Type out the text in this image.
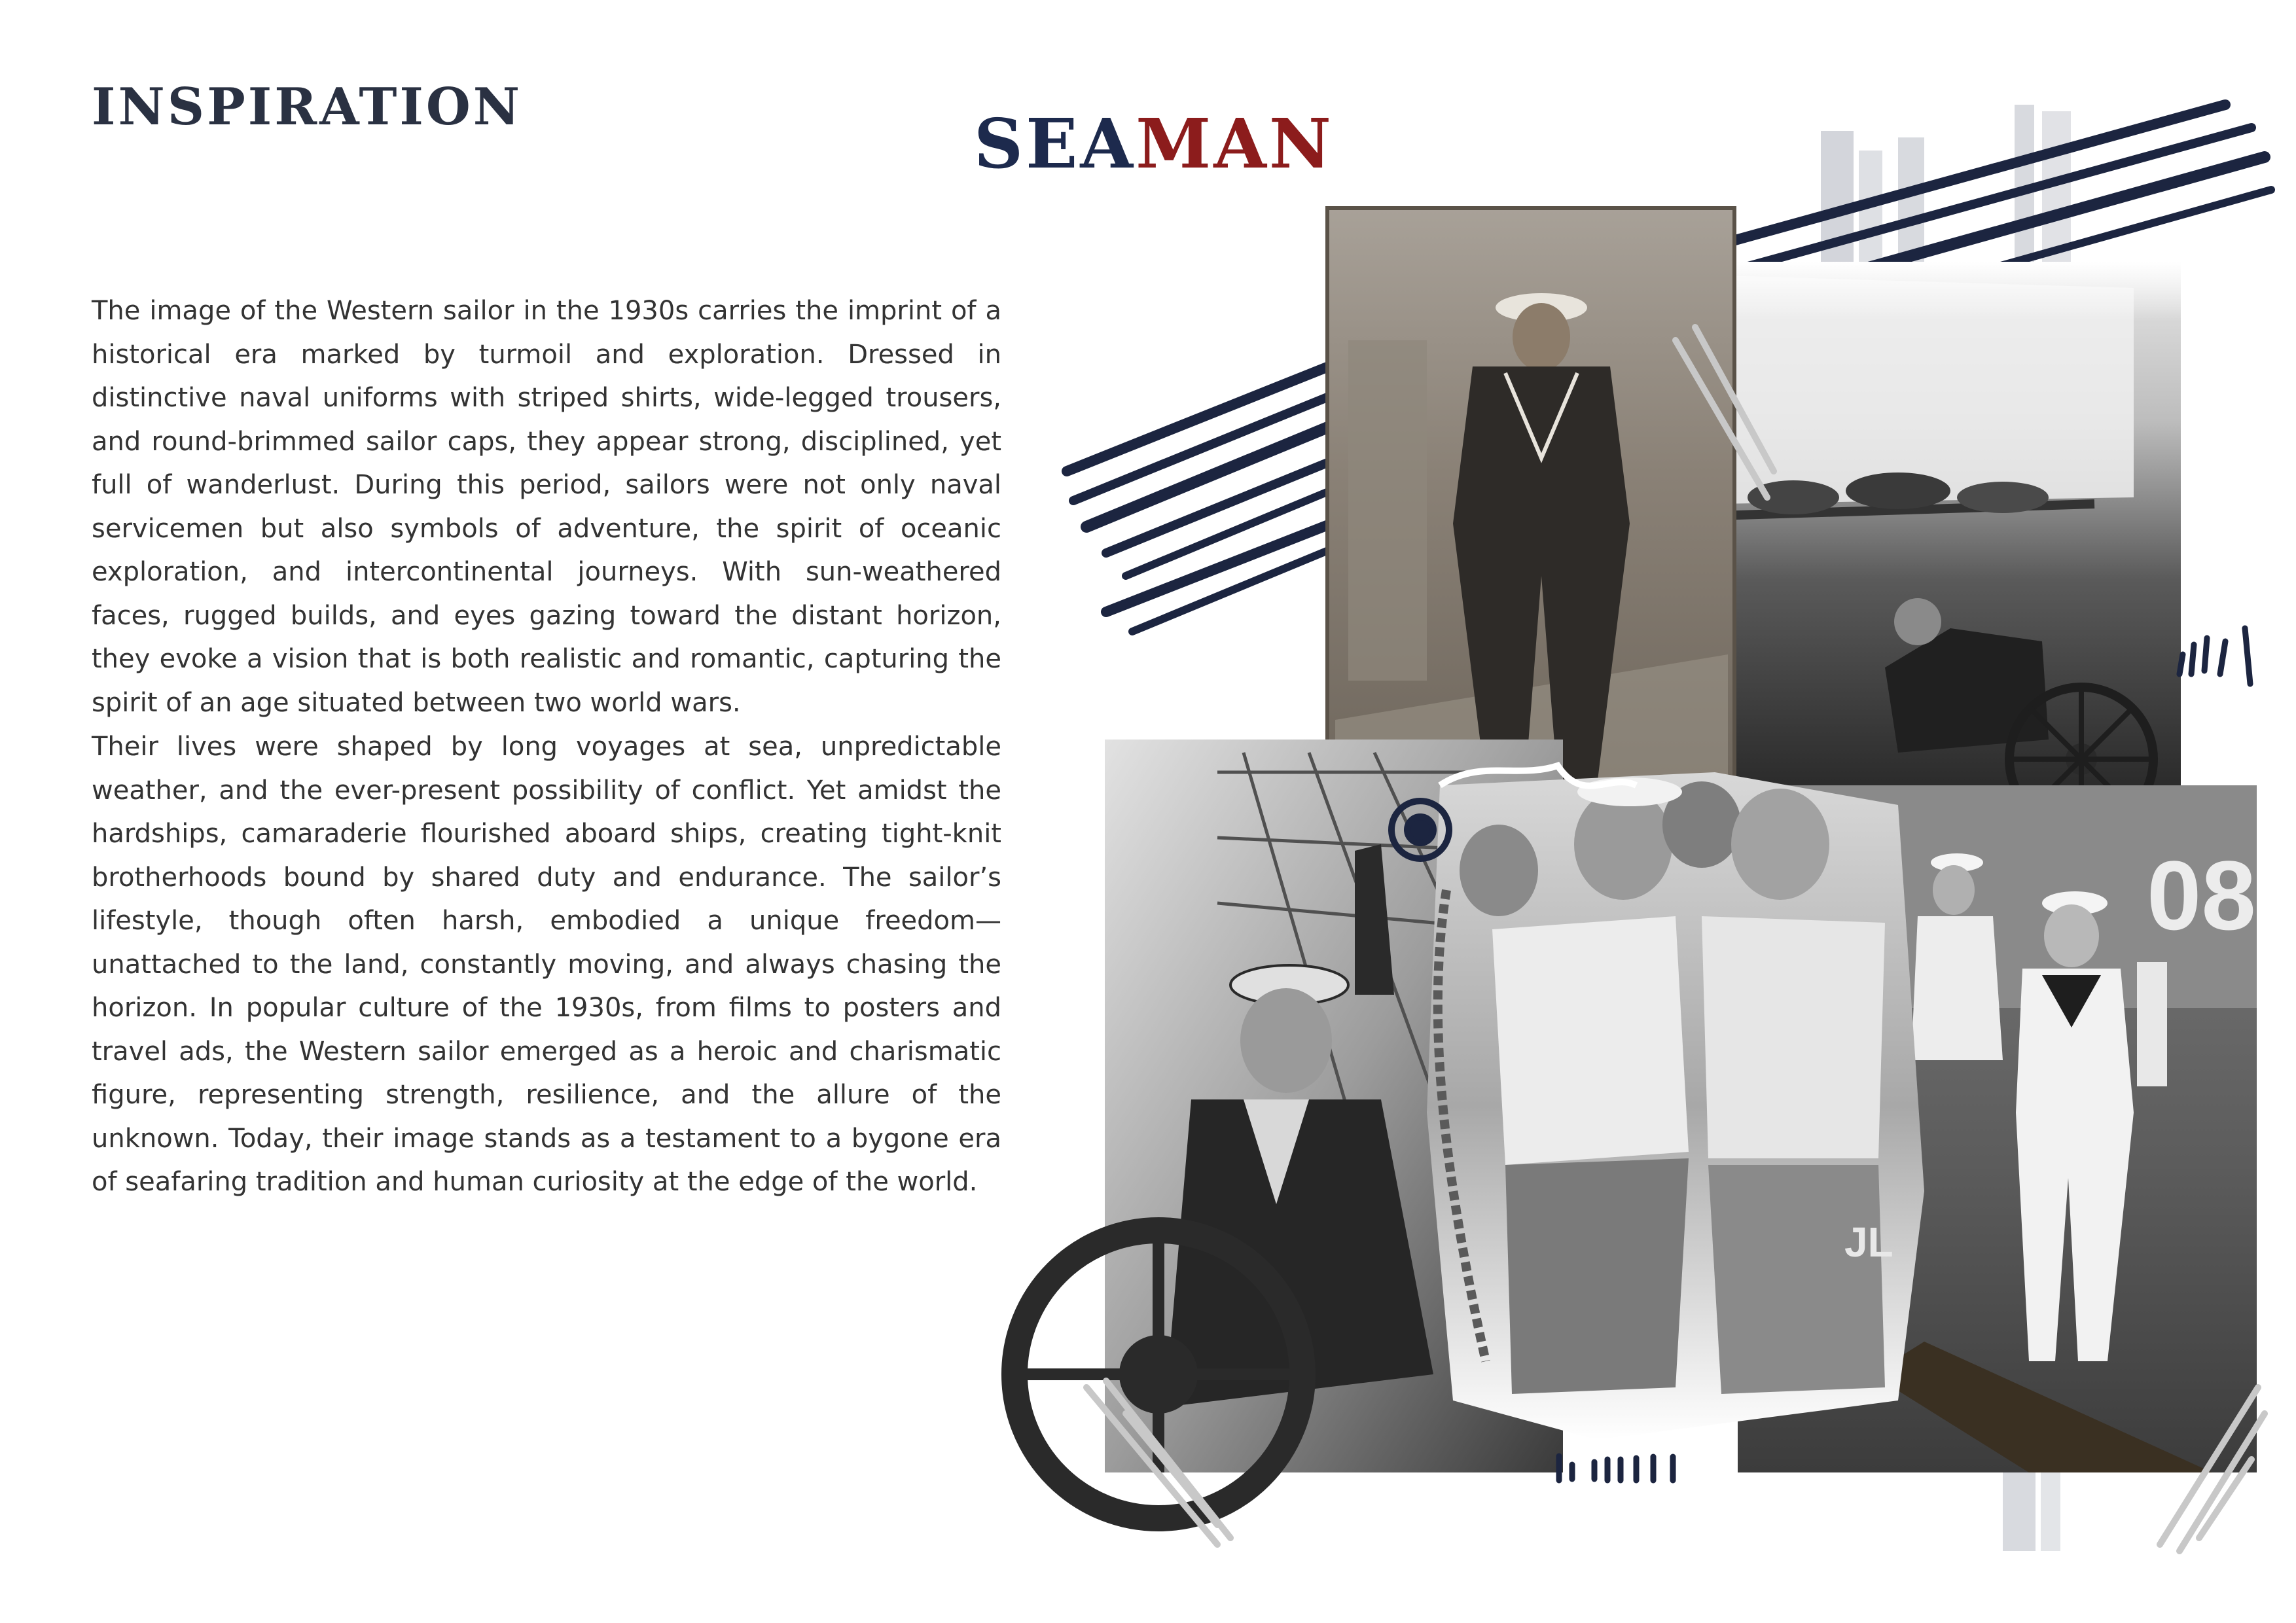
INSPIRATION	SEAMAN
The image of the Western sailor in the 1930s carries the imprint of a historical era marked by turmoil and exploration. Dressed in distinctive naval uniforms with striped shirts, wide-legged trousers, and round-brimmed sailor caps, they appear strong, disciplined, yet full of wanderlust. During this period, sailors were not only naval servicemen but also symbols of adventure, the spirit of oceanic exploration, and intercontinental journeys. With sun-weathered faces, rugged builds, and eyes gazing toward the distant horizon, they evoke a vision that is both realistic and romantic, capturing the spirit of an age situated between two world wars.
Their lives were shaped by long voyages at sea, unpredictable weather, and the ever-present possibility of conflict. Yet amidst the hardships, camaraderie flourished aboard ships, creating tight-knit brotherhoods bound by shared duty and endurance. The sailor’s lifestyle, though often harsh, embodied a unique freedom—unattached to the land, constantly moving, and always chasing the horizon. In popular culture of the 1930s, from films to posters and travel ads, the Western sailor emerged as a heroic and charismatic figure, representing strength, resilience, and the allure of the unknown. Today, their image stands as a testament to a bygone era of seafaring tradition and human curiosity at the edge of the world.
08
JL
